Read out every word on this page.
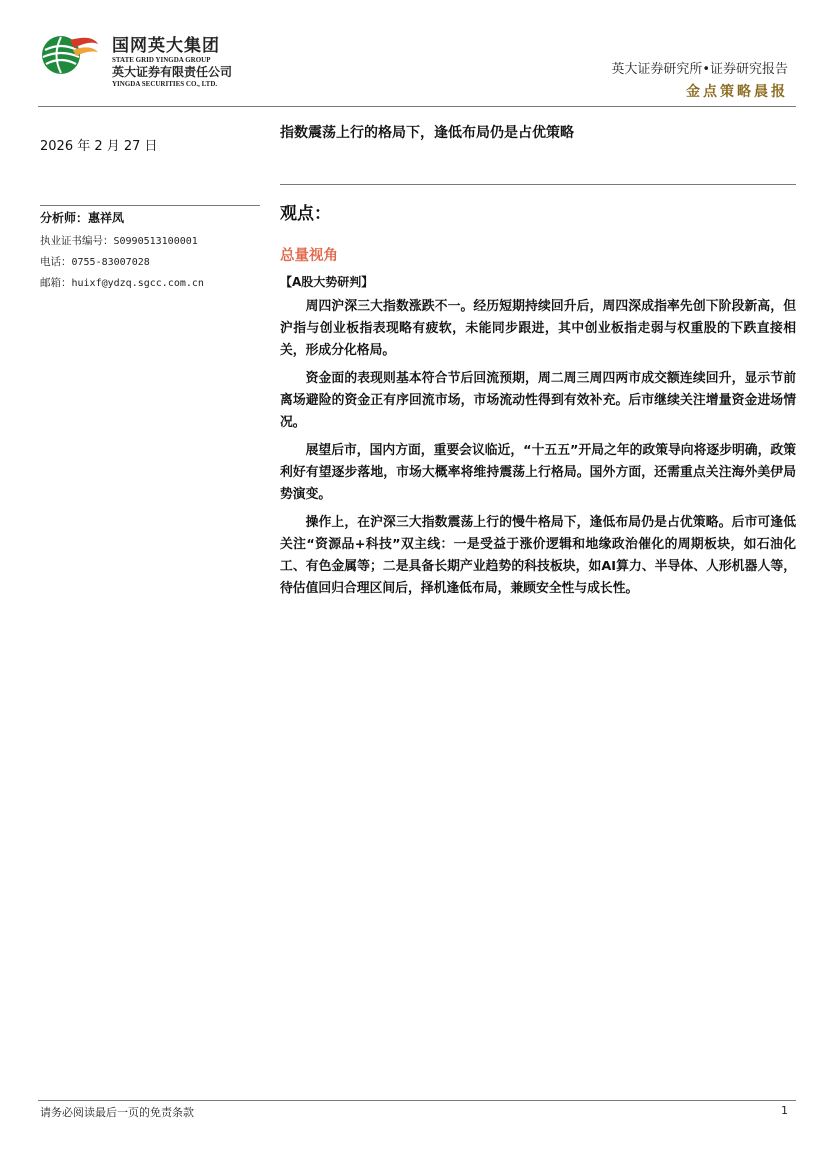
国网英大集团
STATE GRID YINGDA GROUP
英大证券有限责任公司
YINGDA SECURITIES CO., LTD.
英大证券研究所•证券研究报告
金点策略晨报
2026 年 2 月 27 日
指数震荡上行的格局下，逢低布局仍是占优策略
分析师：惠祥凤
执业证书编号：S0990513100001
电话：0755-83007028
邮箱：huixf@ydzq.sgcc.com.cn
观点：
总量视角
【A股大势研判】

周四沪深三大指数涨跌不一。经历短期持续回升后，周四深成指率先创下阶段新高，但沪指与创业板指表现略有疲软，未能同步跟进，其中创业板指走弱与权重股的下跌直接相关，形成分化格局。

资金面的表现则基本符合节后回流预期，周二周三周四两市成交额连续回升，显示节前离场避险的资金正有序回流市场，市场流动性得到有效补充。后市继续关注增量资金进场情况。

展望后市，国内方面，重要会议临近，“十五五”开局之年的政策导向将逐步明确，政策利好有望逐步落地，市场大概率将维持震荡上行格局。国外方面，还需重点关注海外美伊局势演变。

操作上，在沪深三大指数震荡上行的慢牛格局下，逢低布局仍是占优策略。后市可逢低关注“资源品+科技”双主线：一是受益于涨价逻辑和地缘政治催化的周期板块，如石油化工、有色金属等；二是具备长期产业趋势的科技板块，如AI算力、半导体、人形机器人等，待估值回归合理区间后，择机逢低布局，兼顾安全性与成长性。

请务必阅读最后一页的免责条款	1
